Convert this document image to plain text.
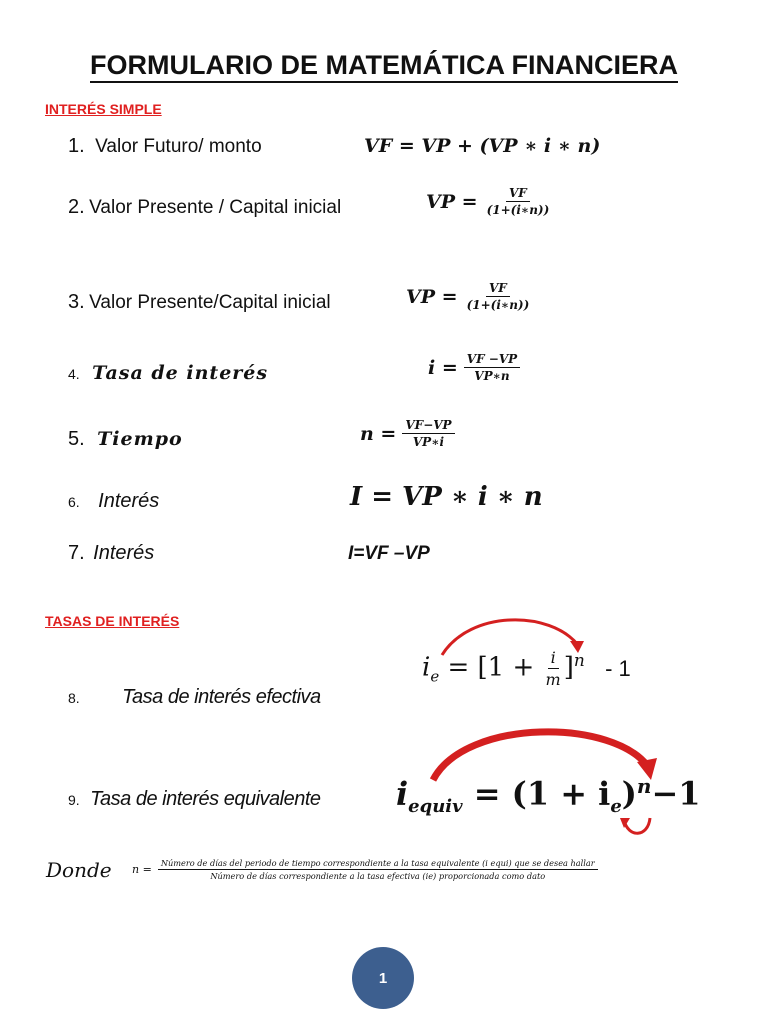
FORMULARIO DE MATEMÁTICA FINANCIERA
INTERÉS SIMPLE
1. Valor Futuro/ monto	VF = VP + (VP ∗ i ∗ n)
2. Valor Presente / Capital inicial	VP = $\frac{VF}{(1+(i∗n))}$
3. Valor Presente/Capital inicial	VP = $\frac{VF}{(1+(i∗n))}$
4. Tasa de interés	$i = \frac{VF -VP}{VP∗n}$
5. Tiempo	$n = \frac{VF-VP}{VP∗i}$
6. Interés	I = VP ∗ i ∗ n
7. Interés	I=VF –VP
TASAS DE INTERÉS
8. Tasa de interés efectiva
$i_e = [1 + \frac{i}{m} ]^n - 1$
9. Tasa de interés equivalente $i_{equiv} = (1 + i_e)^n-1$
Donde n =	Número de días del periodo de tiempo correspondiente a la tasa equivalente (i equi) que se desea hallar
Número de días correspondiente a la tasa efectiva (ie) proporcionada como dato
1
